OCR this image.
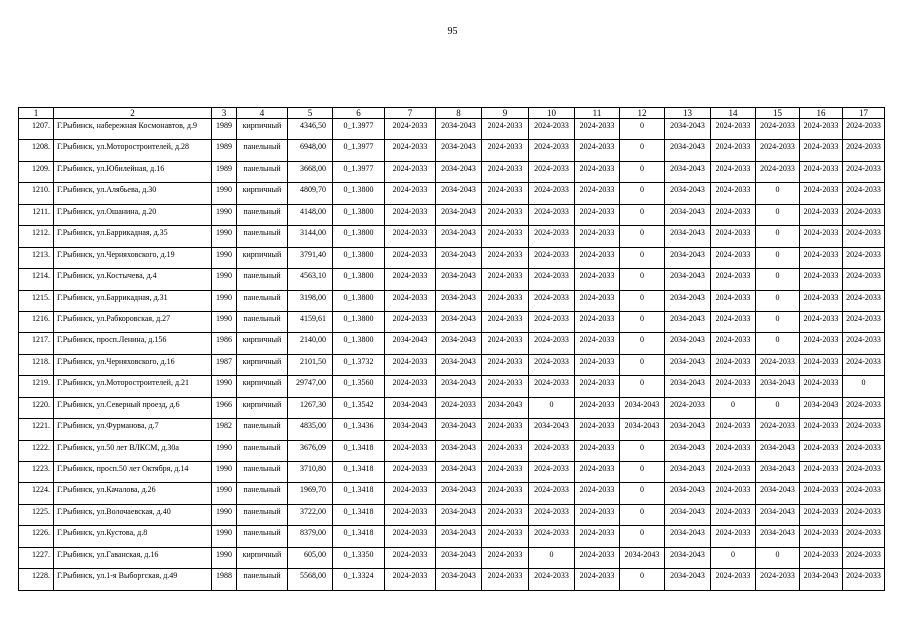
95
1	2	3	4	5	6	7	8	9	10	11	12	13	14	15	16	17
1207.	Г.Рыбинск, набережная Космонавтов, д.9	1989	кирпичный	4346,50	0_1.3977	2024-2033	2034-2043	2024-2033	2024-2033	2024-2033	0	2034-2043	2024-2033	2024-2033	2024-2033	2024-2033
1208.	Г.Рыбинск, ул.Моторостроителей, д.28	1989	панельный	6948,00	0_1.3977	2024-2033	2034-2043	2024-2033	2024-2033	2024-2033	0	2034-2043	2024-2033	2024-2033	2024-2033	2024-2033
1209.	Г.Рыбинск, ул.Юбилейная, д.16	1989	панельный	3668,00	0_1.3977	2024-2033	2034-2043	2024-2033	2024-2033	2024-2033	0	2034-2043	2024-2033	2024-2033	2024-2033	2024-2033
1210.	Г.Рыбинск, ул.Алябьева, д.30	1990	кирпичный	4809,70	0_1.3800	2024-2033	2034-2043	2024-2033	2024-2033	2024-2033	0	2034-2043	2024-2033	0	2024-2033	2024-2033
1211.	Г.Рыбинск, ул.Ошанина, д.20	1990	панельный	4148,00	0_1.3800	2024-2033	2034-2043	2024-2033	2024-2033	2024-2033	0	2034-2043	2024-2033	0	2024-2033	2024-2033
1212.	Г.Рыбинск, ул.Баррикадная, д.35	1990	панельный	3144,00	0_1.3800	2024-2033	2034-2043	2024-2033	2024-2033	2024-2033	0	2034-2043	2024-2033	0	2024-2033	2024-2033
1213.	Г.Рыбинск, ул.Черняховского, д.19	1990	кирпичный	3791,40	0_1.3800	2024-2033	2034-2043	2024-2033	2024-2033	2024-2033	0	2034-2043	2024-2033	0	2024-2033	2024-2033
1214.	Г.Рыбинск, ул.Костычева, д.4	1990	панельный	4563,10	0_1.3800	2024-2033	2034-2043	2024-2033	2024-2033	2024-2033	0	2034-2043	2024-2033	0	2024-2033	2024-2033
1215.	Г.Рыбинск, ул.Баррикадная, д.31	1990	панельный	3198,00	0_1.3800	2024-2033	2034-2043	2024-2033	2024-2033	2024-2033	0	2034-2043	2024-2033	0	2024-2033	2024-2033
1216.	Г.Рыбинск, ул.Рабкоровская, д.27	1990	панельный	4159,61	0_1.3800	2024-2033	2034-2043	2024-2033	2024-2033	2024-2033	0	2034-2043	2024-2033	0	2024-2033	2024-2033
1217.	Г.Рыбинск, просп.Ленина, д.156	1986	кирпичный	2140,00	0_1.3800	2034-2043	2034-2043	2024-2033	2024-2033	2024-2033	0	2034-2043	2024-2033	0	2024-2033	2024-2033
1218.	Г.Рыбинск, ул.Черняховского, д.16	1987	кирпичный	2101,50	0_1.3732	2024-2033	2034-2043	2024-2033	2024-2033	2024-2033	0	2034-2043	2024-2033	2024-2033	2024-2033	2024-2033
1219.	Г.Рыбинск, ул.Моторостроителей, д.21	1990	кирпичный	29747,00	0_1.3560	2024-2033	2034-2043	2024-2033	2024-2033	2024-2033	0	2034-2043	2024-2033	2034-2043	2024-2033	0
1220.	Г.Рыбинск, ул.Северный проезд, д.6	1966	кирпичный	1267,30	0_1.3542	2034-2043	2024-2033	2034-2043	0	2024-2033	2034-2043	2024-2033	0	0	2034-2043	2024-2033
1221.	Г.Рыбинск, ул.Фурманова, д.7	1982	панельный	4835,00	0_1.3436	2034-2043	2034-2043	2024-2033	2034-2043	2024-2033	2034-2043	2034-2043	2024-2033	2024-2033	2024-2033	2024-2033
1222.	Г.Рыбинск, ул.50 лет ВЛКСМ, д.30а	1990	панельный	3676,09	0_1.3418	2024-2033	2034-2043	2024-2033	2024-2033	2024-2033	0	2034-2043	2024-2033	2034-2043	2024-2033	2024-2033
1223.	Г.Рыбинск, просп.50 лет Октября, д.14	1990	панельный	3710,80	0_1.3418	2024-2033	2034-2043	2024-2033	2024-2033	2024-2033	0	2034-2043	2024-2033	2034-2043	2024-2033	2024-2033
1224.	Г.Рыбинск, ул.Качалова, д.26	1990	панельный	1969,70	0_1.3418	2024-2033	2034-2043	2024-2033	2024-2033	2024-2033	0	2034-2043	2024-2033	2034-2043	2024-2033	2024-2033
1225.	Г.Рыбинск, ул.Волочаевская, д.40	1990	панельный	3722,00	0_1.3418	2024-2033	2034-2043	2024-2033	2024-2033	2024-2033	0	2034-2043	2024-2033	2034-2043	2024-2033	2024-2033
1226.	Г.Рыбинск, ул.Кустова, д.8	1990	панельный	8379,00	0_1.3418	2024-2033	2034-2043	2024-2033	2024-2033	2024-2033	0	2034-2043	2024-2033	2034-2043	2024-2033	2024-2033
1227.	Г.Рыбинск, ул.Гаванская, д.16	1990	кирпичный	605,00	0_1.3350	2024-2033	2034-2043	2024-2033	0	2024-2033	2034-2043	2034-2043	0	0	2024-2033	2024-2033
1228.	Г.Рыбинск, ул.1-я Выборгская, д.49	1988	панельный	5568,00	0_1.3324	2024-2033	2034-2043	2024-2033	2024-2033	2024-2033	0	2034-2043	2024-2033	2024-2033	2034-2043	2024-2033
